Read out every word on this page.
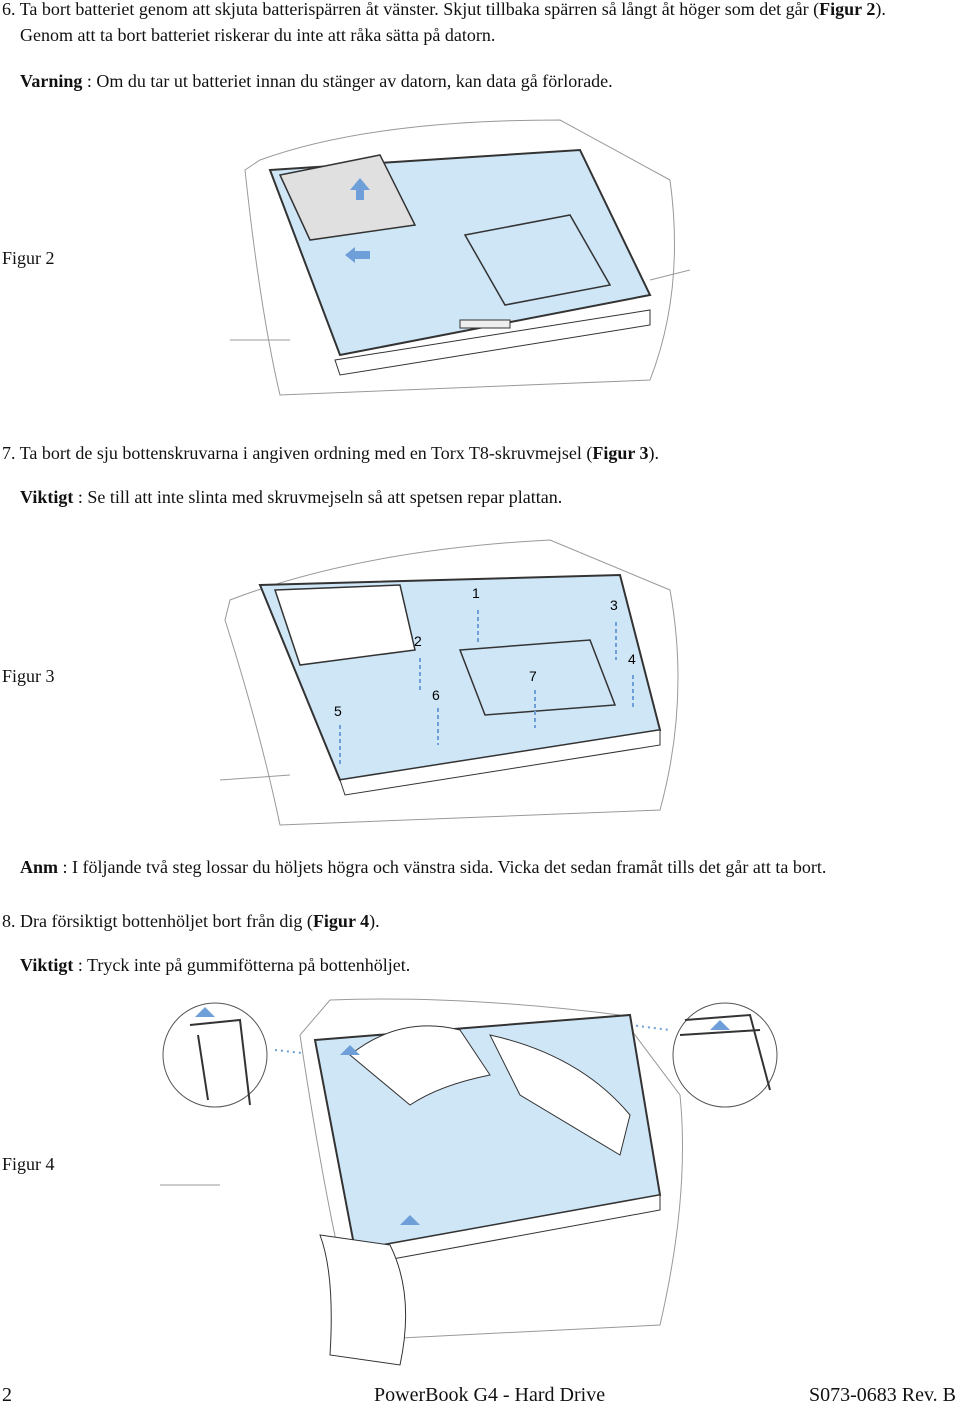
6. Ta bort batteriet genom att skjuta batterispärren åt vänster. Skjut tillbaka spärren så långt åt höger som det går (Figur 2).
Genom att ta bort batteriet riskerar du inte att råka sätta på datorn.
Varning : Om du tar ut batteriet innan du stänger av datorn, kan data gå förlorade.
Figur 2
7. Ta bort de sju bottenskruvarna i angiven ordning med en Torx T8-skruvmejsel (Figur 3).
Viktigt : Se till att inte slinta med skruvmejseln så att spetsen repar plattan.
Figur 3
1
2
3
4
5
6
7
Anm : I följande två steg lossar du höljets högra och vänstra sida. Vicka det sedan framåt tills det går att ta bort.
8. Dra försiktigt bottenhöljet bort från dig (Figur 4).
Viktigt : Tryck inte på gummifötterna på bottenhöljet.
Figur 4
2	PowerBook G4 - Hard Drive	S073-0683 Rev. B
